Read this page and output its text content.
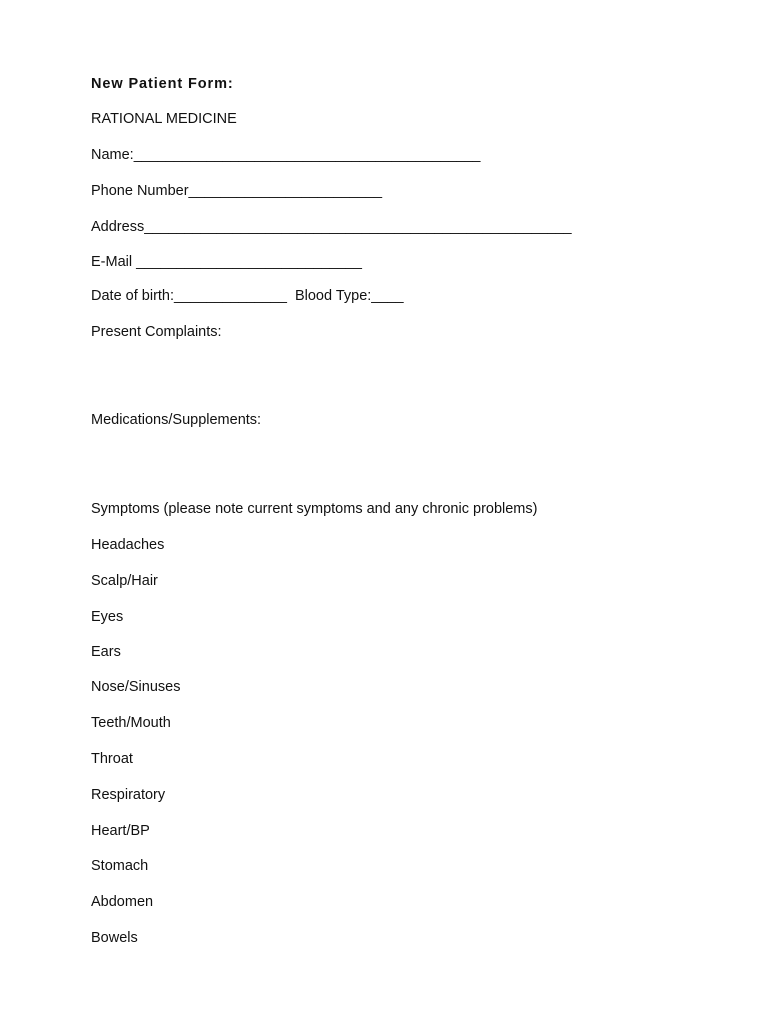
New Patient Form:

RATIONAL MEDICINE

Name:___________________________________________

Phone Number________________________

Address_____________________________________________________

E-Mail ____________________________

Date of birth:______________  Blood Type:____

Present Complaints:

Medications/Supplements:

Symptoms (please note current symptoms and any chronic problems)

Headaches

Scalp/Hair

Eyes

Ears

Nose/Sinuses

Teeth/Mouth

Throat

Respiratory

Heart/BP

Stomach

Abdomen

Bowels
